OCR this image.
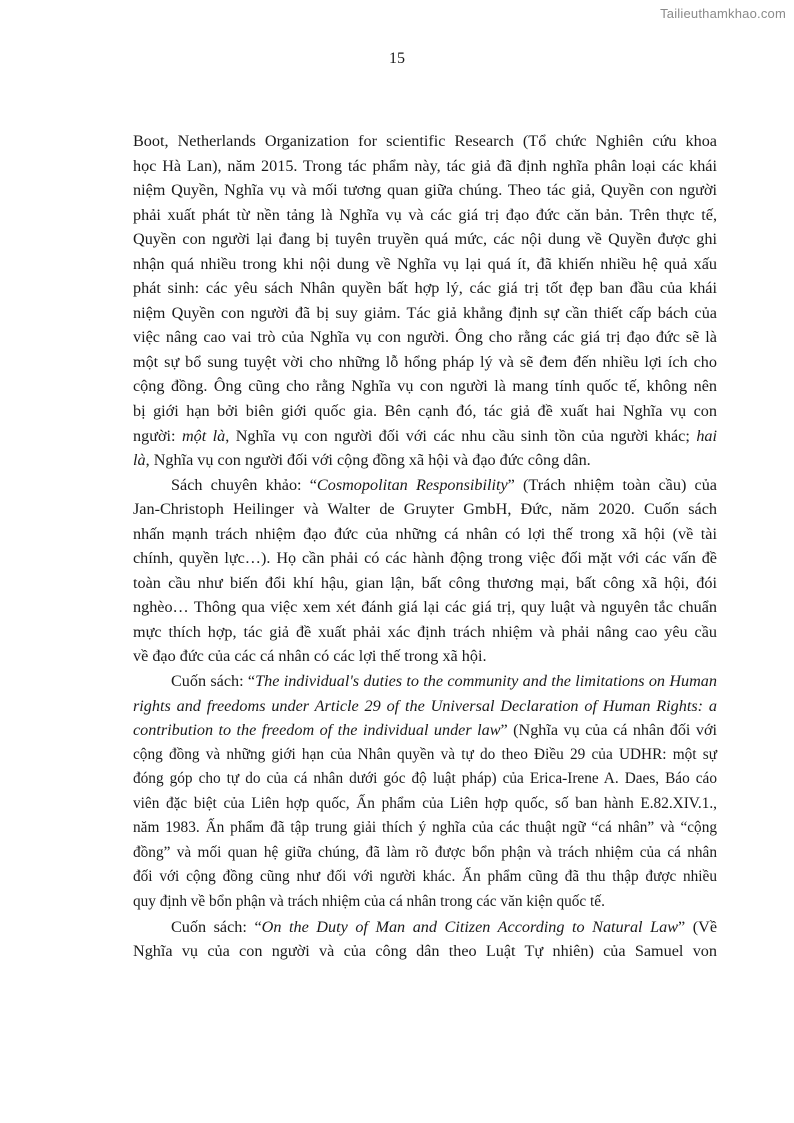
Tailieuthamkhao.com
15
Boot, Netherlands Organization for scientific Research (Tổ chức Nghiên cứu khoa
học Hà Lan), năm 2015. Trong tác phẩm này, tác giả đã định nghĩa phân loại các khái
niệm Quyền, Nghĩa vụ và mối tương quan giữa chúng. Theo tác giả, Quyền con người
phải xuất phát từ nền tảng là Nghĩa vụ và các giá trị đạo đức căn bản. Trên thực tế,
Quyền con người lại đang bị tuyên truyền quá mức, các nội dung về Quyền được ghi
nhận quá nhiều trong khi nội dung về Nghĩa vụ lại quá ít, đã khiến nhiều hệ quả xấu
phát sinh: các yêu sách Nhân quyền bất hợp lý, các giá trị tốt đẹp ban đầu của khái
niệm Quyền con người đã bị suy giảm. Tác giả khẳng định sự cần thiết cấp bách của
việc nâng cao vai trò của Nghĩa vụ con người. Ông cho rằng các giá trị đạo đức sẽ là
một sự bổ sung tuyệt vời cho những lỗ hổng pháp lý và sẽ đem đến nhiều lợi ích cho
cộng đồng. Ông cũng cho rằng Nghĩa vụ con người là mang tính quốc tế, không nên
bị giới hạn bởi biên giới quốc gia. Bên cạnh đó, tác giả đề xuất hai Nghĩa vụ con
người: một là, Nghĩa vụ con người đối với các nhu cầu sinh tồn của người khác; hai
là, Nghĩa vụ con người đối với cộng đồng xã hội và đạo đức công dân.
Sách chuyên khảo: “Cosmopolitan Responsibility” (Trách nhiệm toàn cầu) của
Jan-Christoph Heilinger và Walter de Gruyter GmbH, Đức, năm 2020. Cuốn sách
nhấn mạnh trách nhiệm đạo đức của những cá nhân có lợi thế trong xã hội (về tài
chính, quyền lực…). Họ cần phải có các hành động trong việc đối mặt với các vấn đề
toàn cầu như biến đổi khí hậu, gian lận, bất công thương mại, bất công xã hội, đói
nghèo… Thông qua việc xem xét đánh giá lại các giá trị, quy luật và nguyên tắc chuẩn
mực thích hợp, tác giả đề xuất phải xác định trách nhiệm và phải nâng cao yêu cầu
về đạo đức của các cá nhân có các lợi thế trong xã hội.
Cuốn sách: “The individual's duties to the community and the limitations on Human
rights and freedoms under Article 29 of the Universal Declaration of Human Rights: a
contribution to the freedom of the individual under law” (Nghĩa vụ của cá nhân đối với
cộng đồng và những giới hạn của Nhân quyền và tự do theo Điều 29 của UDHR: một sự
đóng góp cho tự do của cá nhân dưới góc độ luật pháp) của Erica-Irene A. Daes, Báo cáo
viên đặc biệt của Liên hợp quốc, Ấn phẩm của Liên hợp quốc, số ban hành E.82.XIV.1.,
năm 1983. Ấn phẩm đã tập trung giải thích ý nghĩa của các thuật ngữ “cá nhân” và “cộng
đồng” và mối quan hệ giữa chúng, đã làm rõ được bổn phận và trách nhiệm của cá nhân
đối với cộng đồng cũng như đối với người khác. Ấn phẩm cũng đã thu thập được nhiều
quy định về bổn phận và trách nhiệm của cá nhân trong các văn kiện quốc tế.
Cuốn sách: “On the Duty of Man and Citizen According to Natural Law” (Về
Nghĩa vụ của con người và của công dân theo Luật Tự nhiên) của Samuel von
